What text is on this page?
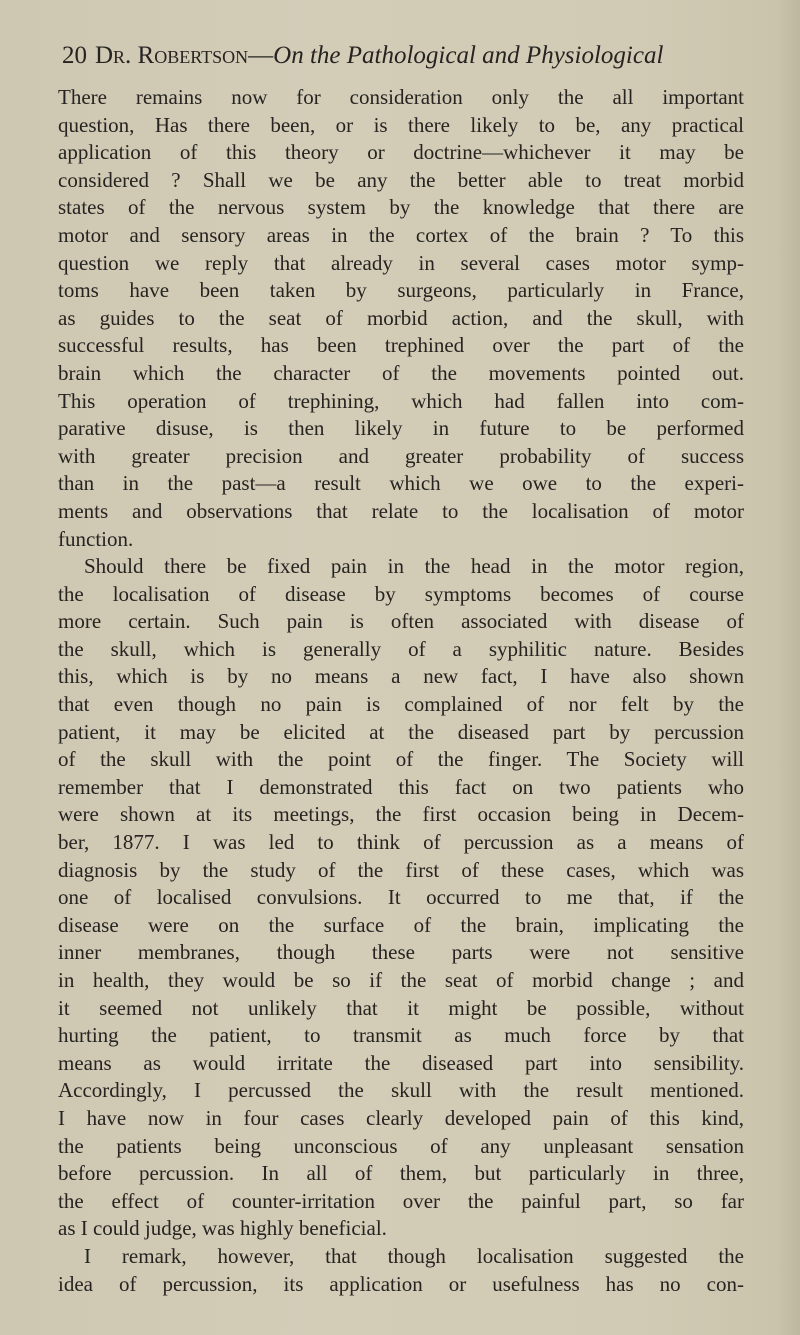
20 Dr. Robertson—On the Pathological and Physiological
There remains now for consideration only the all important
question, Has there been, or is there likely to be, any practical
application of this theory or doctrine—whichever it may be
considered ? Shall we be any the better able to treat morbid
states of the nervous system by the knowledge that there are
motor and sensory areas in the cortex of the brain ? To this
question we reply that already in several cases motor symp-
toms have been taken by surgeons, particularly in France,
as guides to the seat of morbid action, and the skull, with
successful results, has been trephined over the part of the
brain which the character of the movements pointed out.
This operation of trephining, which had fallen into com-
parative disuse, is then likely in future to be performed
with greater precision and greater probability of success
than in the past—a result which we owe to the experi-
ments and observations that relate to the localisation of motor
function.
Should there be fixed pain in the head in the motor region,
the localisation of disease by symptoms becomes of course
more certain. Such pain is often associated with disease of
the skull, which is generally of a syphilitic nature. Besides
this, which is by no means a new fact, I have also shown
that even though no pain is complained of nor felt by the
patient, it may be elicited at the diseased part by percussion
of the skull with the point of the finger. The Society will
remember that I demonstrated this fact on two patients who
were shown at its meetings, the first occasion being in Decem-
ber, 1877. I was led to think of percussion as a means of
diagnosis by the study of the first of these cases, which was
one of localised convulsions. It occurred to me that, if the
disease were on the surface of the brain, implicating the
inner membranes, though these parts were not sensitive
in health, they would be so if the seat of morbid change ; and
it seemed not unlikely that it might be possible, without
hurting the patient, to transmit as much force by that
means as would irritate the diseased part into sensibility.
Accordingly, I percussed the skull with the result mentioned.
I have now in four cases clearly developed pain of this kind,
the patients being unconscious of any unpleasant sensation
before percussion. In all of them, but particularly in three,
the effect of counter-irritation over the painful part, so far
as I could judge, was highly beneficial.
I remark, however, that though localisation suggested the
idea of percussion, its application or usefulness has no con-
